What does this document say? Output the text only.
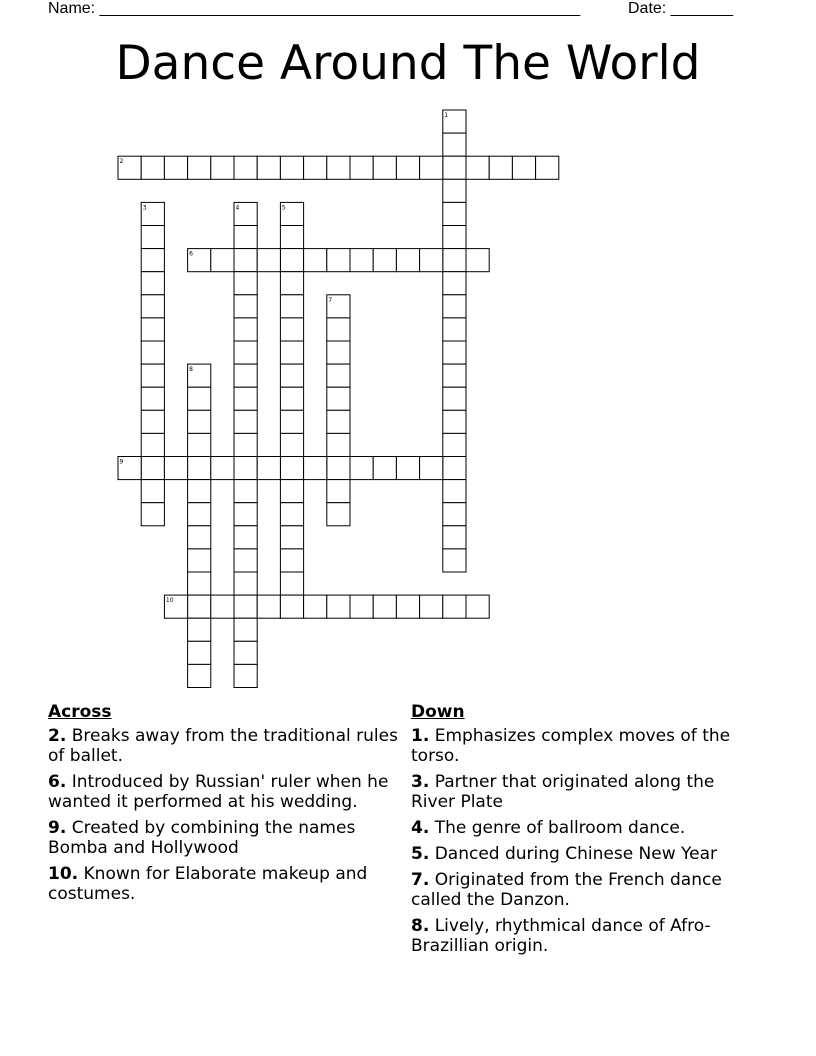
Name: ______________________________________________________	Date: _______
Dance Around The World
1
2
3	4	5
6
7
8
9
10
Across
2. Breaks away from the traditional rules of ballet.
6. Introduced by Russian' ruler when he wanted it performed at his wedding.
9. Created by combining the names Bomba and Hollywood
10. Known for Elaborate makeup and costumes.
Down
1. Emphasizes complex moves of the torso.
3. Partner that originated along the River Plate
4. The genre of ballroom dance.
5. Danced during Chinese New Year
7. Originated from the French dance called the Danzon.
8. Lively, rhythmical dance of Afro-Brazillian origin.
